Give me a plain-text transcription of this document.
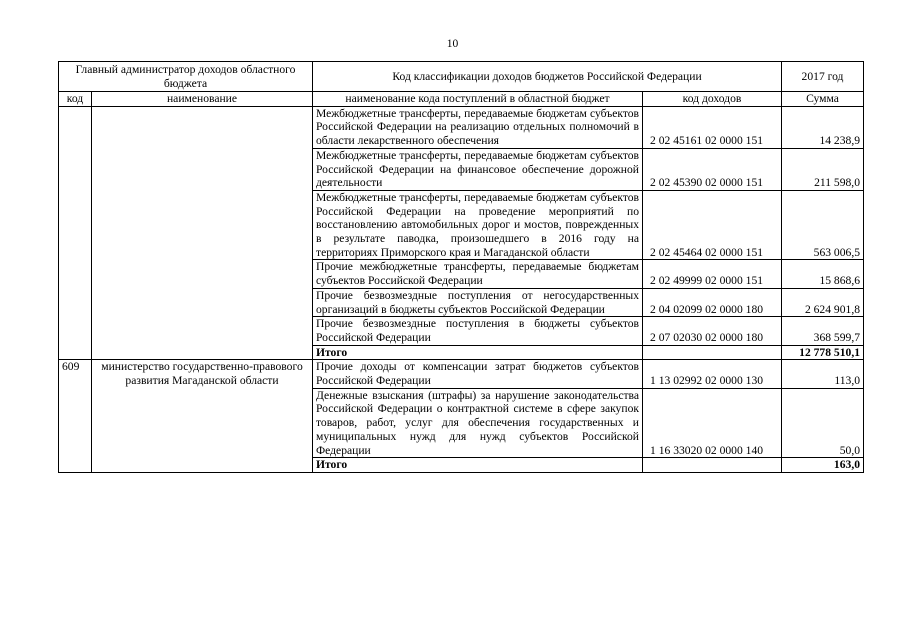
10
Главный администратор доходов областного бюджета		Код классификации доходов бюджетов Российской Федерации		2017 год
код	наименование	наименование кода поступлений в областной бюджет	код доходов	Сумма
		Межбюджетные трансферты, передаваемые бюджетам субъектов Российской Федерации на реализацию отдельных полномочий в области лекарственного обеспечения	2 02 45161 02 0000 151	14 238,9
		Межбюджетные трансферты, передаваемые бюджетам субъектов Российской Федерации на финансовое обеспечение дорожной деятельности	2 02 45390 02 0000 151	211 598,0
		Межбюджетные трансферты, передаваемые бюджетам субъектов Российской Федерации на проведение мероприятий по восстановлению автомобильных дорог и мостов, поврежденных в результате паводка, произошедшего в 2016 году на территориях Приморского края и Магаданской области	2 02 45464 02 0000 151	563 006,5
		Прочие межбюджетные трансферты, передаваемые бюджетам субъектов Российской Федерации	2 02 49999 02 0000 151	15 868,6
		Прочие безвозмездные поступления от негосударственных организаций в бюджеты субъектов Российской Федерации	2 04 02099 02 0000 180	2 624 901,8
		Прочие безвозмездные поступления в бюджеты субъектов Российской Федерации	2 07 02030 02 0000 180	368 599,7
		Итого		12 778 510,1
609	министерство государственно-правового развития Магаданской области	Прочие доходы от компенсации затрат бюджетов субъектов Российской Федерации	1 13 02992 02 0000 130	113,0
		Денежные взыскания (штрафы) за нарушение законодательства Российской Федерации о контрактной системе в сфере закупок товаров, работ, услуг для обеспечения государственных и муниципальных нужд для нужд субъектов Российской Федерации	1 16 33020 02 0000 140	50,0
		Итого		163,0
